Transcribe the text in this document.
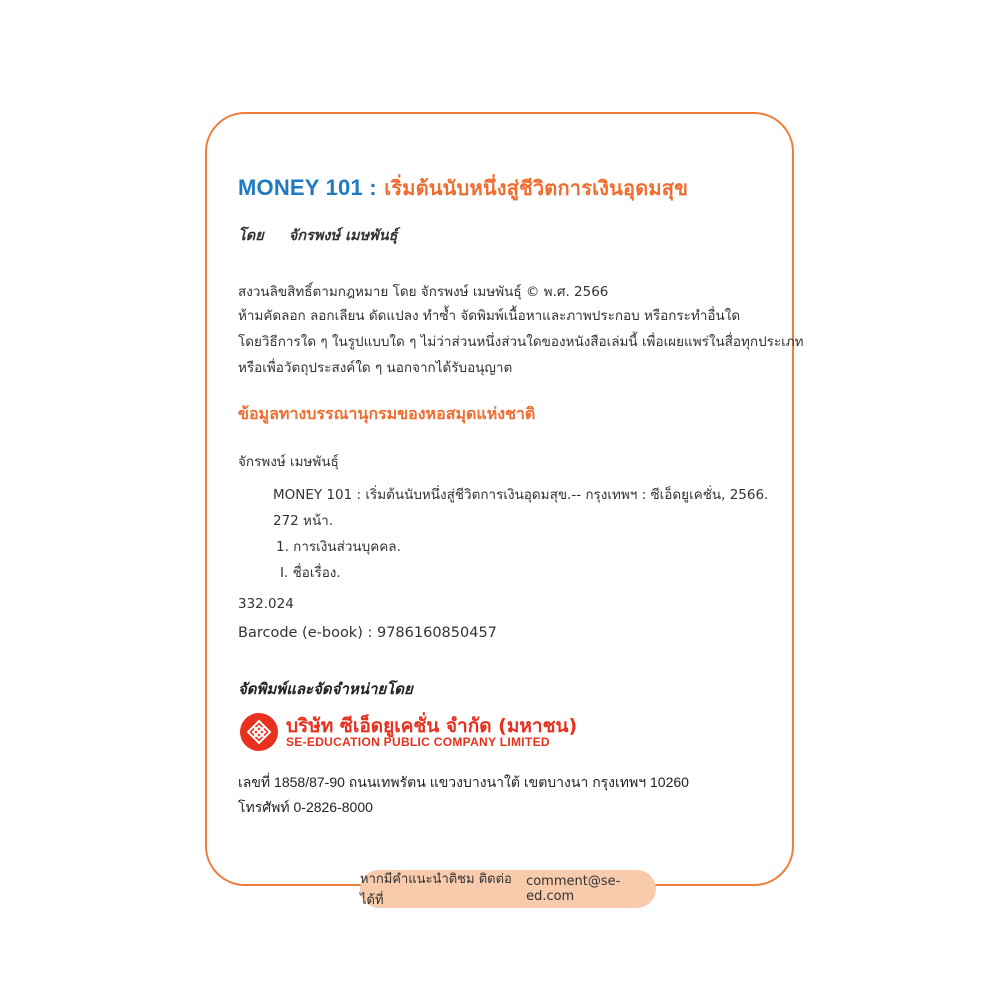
MONEY 101 : เริ่มต้นนับหนึ่งสู่ชีวิตการเงินอุดมสุข
โดย จักรพงษ์ เมษพันธุ์
สงวนลิขสิทธิ์ตามกฎหมาย โดย จักรพงษ์ เมษพันธุ์ © พ.ศ. 2566
ห้ามคัดลอก ลอกเลียน ดัดแปลง ทำซ้ำ จัดพิมพ์เนื้อหาและภาพประกอบ หรือกระทำอื่นใด
โดยวิธีการใด ๆ ในรูปแบบใด ๆ ไม่ว่าส่วนหนึ่งส่วนใดของหนังสือเล่มนี้ เพื่อเผยแพร่ในสื่อทุกประเภท
หรือเพื่อวัตถุประสงค์ใด ๆ นอกจากได้รับอนุญาต
ข้อมูลทางบรรณานุกรมของหอสมุดแห่งชาติ
จักรพงษ์ เมษพันธุ์
MONEY 101 : เริ่มต้นนับหนึ่งสู่ชีวิตการเงินอุดมสุข.-- กรุงเทพฯ : ซีเอ็ดยูเคชั่น, 2566.
272 หน้า.
1. การเงินส่วนบุคคล.
I. ชื่อเรื่อง.
332.024
Barcode (e-book) : 9786160850457
จัดพิมพ์และจัดจำหน่ายโดย
บริษัท ซีเอ็ดยูเคชั่น จำกัด (มหาชน)
SE-EDUCATION PUBLIC COMPANY LIMITED
เลขที่ 1858/87-90 ถนนเทพรัตน แขวงบางนาใต้ เขตบางนา กรุงเทพฯ 10260
โทรศัพท์ 0-2826-8000
หากมีคำแนะนำติชม ติดต่อได้ที่
comment@se-ed.com
